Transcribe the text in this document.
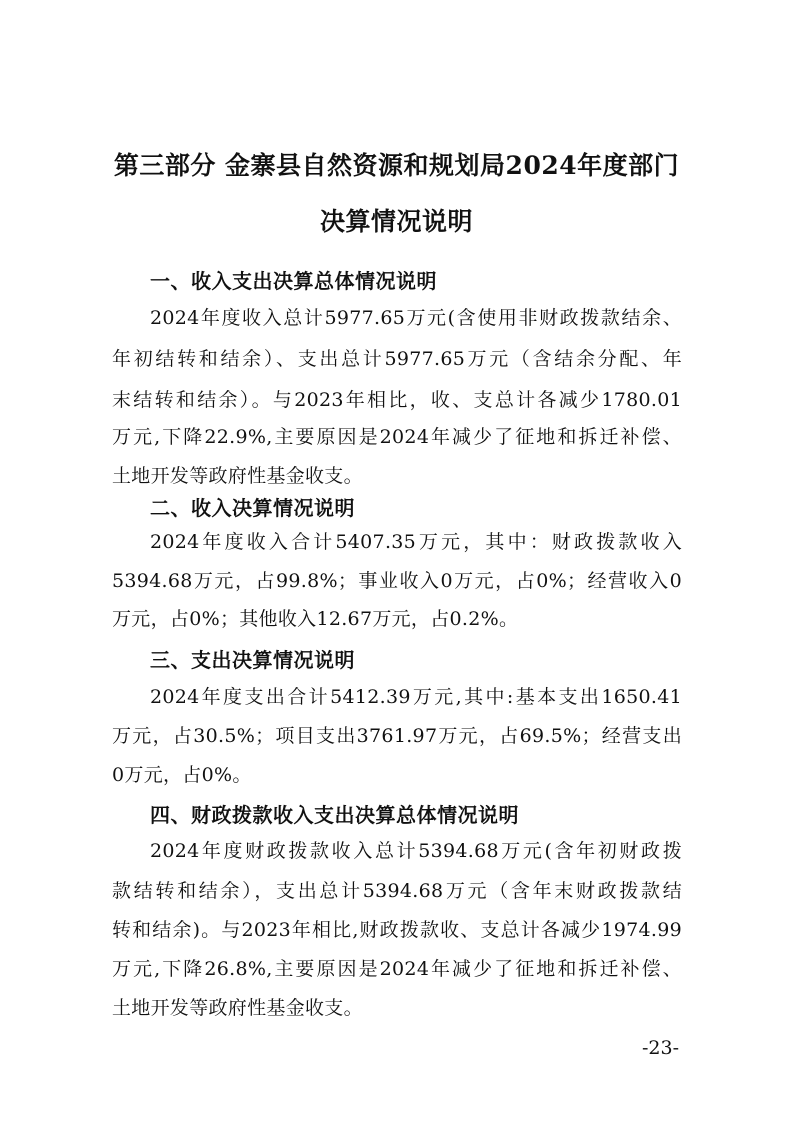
第三部分 金寨县自然资源和规划局2024年度部门
决算情况说明
一、收入支出决算总体情况说明
2024年度收入总计5977.65万元(含使用非财政拨款结余、
年初结转和结余）、支出总计5977.65万元（含结余分配、年
末结转和结余）。与2023年相比，收、支总计各减少1780.01
万元,下降22.9%,主要原因是2024年减少了征地和拆迁补偿、
土地开发等政府性基金收支。
二、收入决算情况说明
2024年度收入合计5407.35万元，其中：财政拨款收入
5394.68万元，占99.8%；事业收入0万元，占0%；经营收入0
万元，占0%；其他收入12.67万元，占0.2%。
三、支出决算情况说明
2024年度支出合计5412.39万元,其中:基本支出1650.41
万元，占30.5%；项目支出3761.97万元，占69.5%；经营支出
0万元，占0%。
四、财政拨款收入支出决算总体情况说明
2024年度财政拨款收入总计5394.68万元(含年初财政拨
款结转和结余），支出总计5394.68万元（含年末财政拨款结
转和结余)。与2023年相比,财政拨款收、支总计各减少1974.99
万元,下降26.8%,主要原因是2024年减少了征地和拆迁补偿、
土地开发等政府性基金收支。
-23-
